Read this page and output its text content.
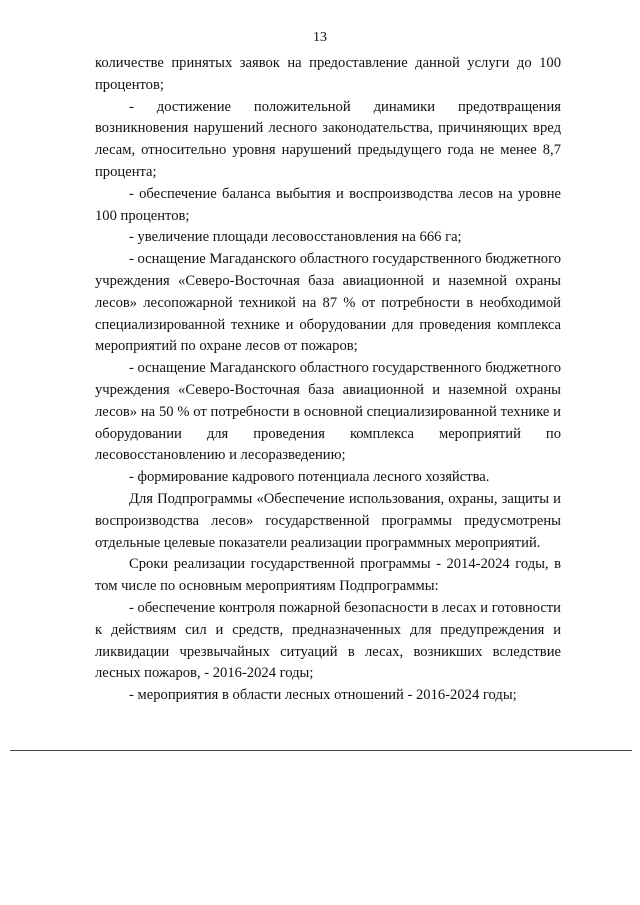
13

количестве принятых заявок на предоставление данной услуги до 100 процентов;

- достижение положительной динамики предотвращения возникновения нарушений лесного законодательства, причиняющих вред лесам, относительно уровня нарушений предыдущего года не менее 8,7 процента;

- обеспечение баланса выбытия и воспроизводства лесов на уровне 100 процентов;

- увеличение площади лесовосстановления на 666 га;

- оснащение Магаданского областного государственного бюджетного учреждения «Северо-Восточная база авиационной и наземной охраны лесов» лесопожарной техникой на 87 % от потребности в необходимой специализированной технике и оборудовании для проведения комплекса мероприятий по охране лесов от пожаров;

- оснащение Магаданского областного государственного бюджетного учреждения «Северо-Восточная база авиационной и наземной охраны лесов» на 50 % от потребности в основной специализированной технике и оборудовании для проведения комплекса мероприятий по лесовосстановлению и лесоразведению;

- формирование кадрового потенциала лесного хозяйства.

Для Подпрограммы «Обеспечение использования, охраны, защиты и воспроизводства лесов» государственной программы предусмотрены отдельные целевые показатели реализации программных мероприятий.

Сроки реализации государственной программы - 2014-2024 годы, в том числе по основным мероприятиям Подпрограммы:

- обеспечение контроля пожарной безопасности в лесах и готовности к действиям сил и средств, предназначенных для предупреждения и ликвидации чрезвычайных ситуаций в лесах, возникших вследствие лесных пожаров, - 2016-2024 годы;

- мероприятия в области лесных отношений - 2016-2024 годы;
